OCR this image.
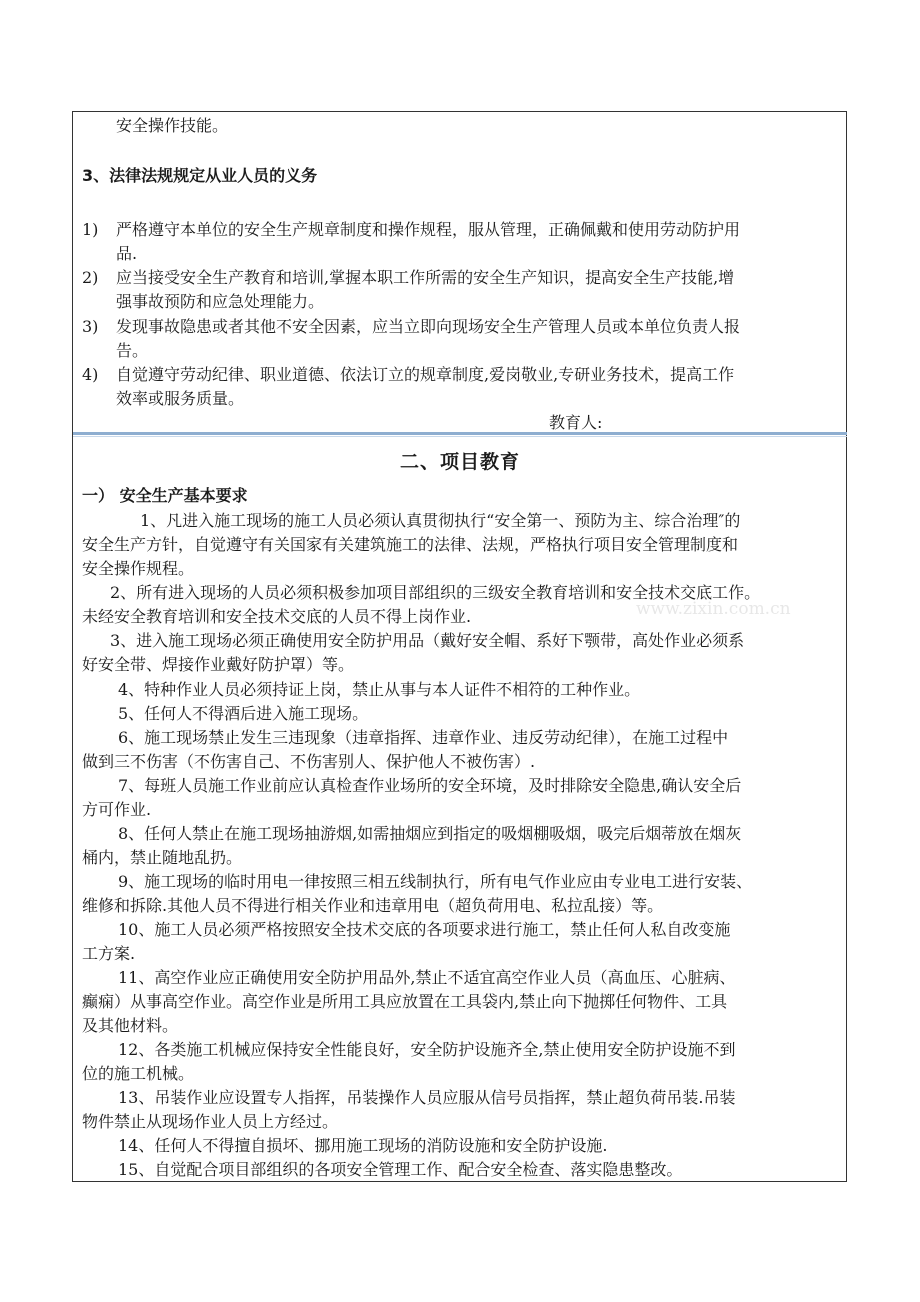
安全操作技能。
3、法律法规规定从业人员的义务
1) 严格遵守本单位的安全生产规章制度和操作规程，服从管理，正确佩戴和使用劳动防护用
品.
2) 应当接受安全生产教育和培训,掌握本职工作所需的安全生产知识，提高安全生产技能,增
强事故预防和应急处理能力。
3) 发现事故隐患或者其他不安全因素，应当立即向现场安全生产管理人员或本单位负责人报
告。
4) 自觉遵守劳动纪律、职业道德、依法订立的规章制度,爱岗敬业,专研业务技术，提高工作
效率或服务质量。
教育人:
二、项目教育
一） 安全生产基本要求
1、凡进入施工现场的施工人员必须认真贯彻执行“安全第一、预防为主、综合治理″的
安全生产方针，自觉遵守有关国家有关建筑施工的法律、法规，严格执行项目安全管理制度和
安全操作规程。
2、所有进入现场的人员必须积极参加项目部组织的三级安全教育培训和安全技术交底工作。
未经安全教育培训和安全技术交底的人员不得上岗作业.
3、进入施工现场必须正确使用安全防护用品（戴好安全帽、系好下颚带，高处作业必须系
好安全带、焊接作业戴好防护罩）等。
4、特种作业人员必须持证上岗，禁止从事与本人证件不相符的工种作业。
5、任何人不得酒后进入施工现场。
6、施工现场禁止发生三违现象（违章指挥、违章作业、违反劳动纪律），在施工过程中
做到三不伤害（不伤害自己、不伤害别人、保护他人不被伤害）.
7、每班人员施工作业前应认真检查作业场所的安全环境，及时排除安全隐患,确认安全后
方可作业.
8、任何人禁止在施工现场抽游烟,如需抽烟应到指定的吸烟棚吸烟，吸完后烟蒂放在烟灰
桶内，禁止随地乱扔。
9、施工现场的临时用电一律按照三相五线制执行，所有电气作业应由专业电工进行安装、
维修和拆除.其他人员不得进行相关作业和违章用电（超负荷用电、私拉乱接）等。
10、施工人员必须严格按照安全技术交底的各项要求进行施工，禁止任何人私自改变施
工方案.
11、高空作业应正确使用安全防护用品外,禁止不适宜高空作业人员（高血压、心脏病、
癫痫）从事高空作业。高空作业是所用工具应放置在工具袋内,禁止向下抛掷任何物件、工具
及其他材料。
12、各类施工机械应保持安全性能良好，安全防护设施齐全,禁止使用安全防护设施不到
位的施工机械。
13、吊装作业应设置专人指挥，吊装操作人员应服从信号员指挥，禁止超负荷吊装.吊装
物件禁止从现场作业人员上方经过。
14、任何人不得擅自损坏、挪用施工现场的消防设施和安全防护设施.
15、自觉配合项目部组织的各项安全管理工作、配合安全检查、落实隐患整改。
www.zixin.com.cn
